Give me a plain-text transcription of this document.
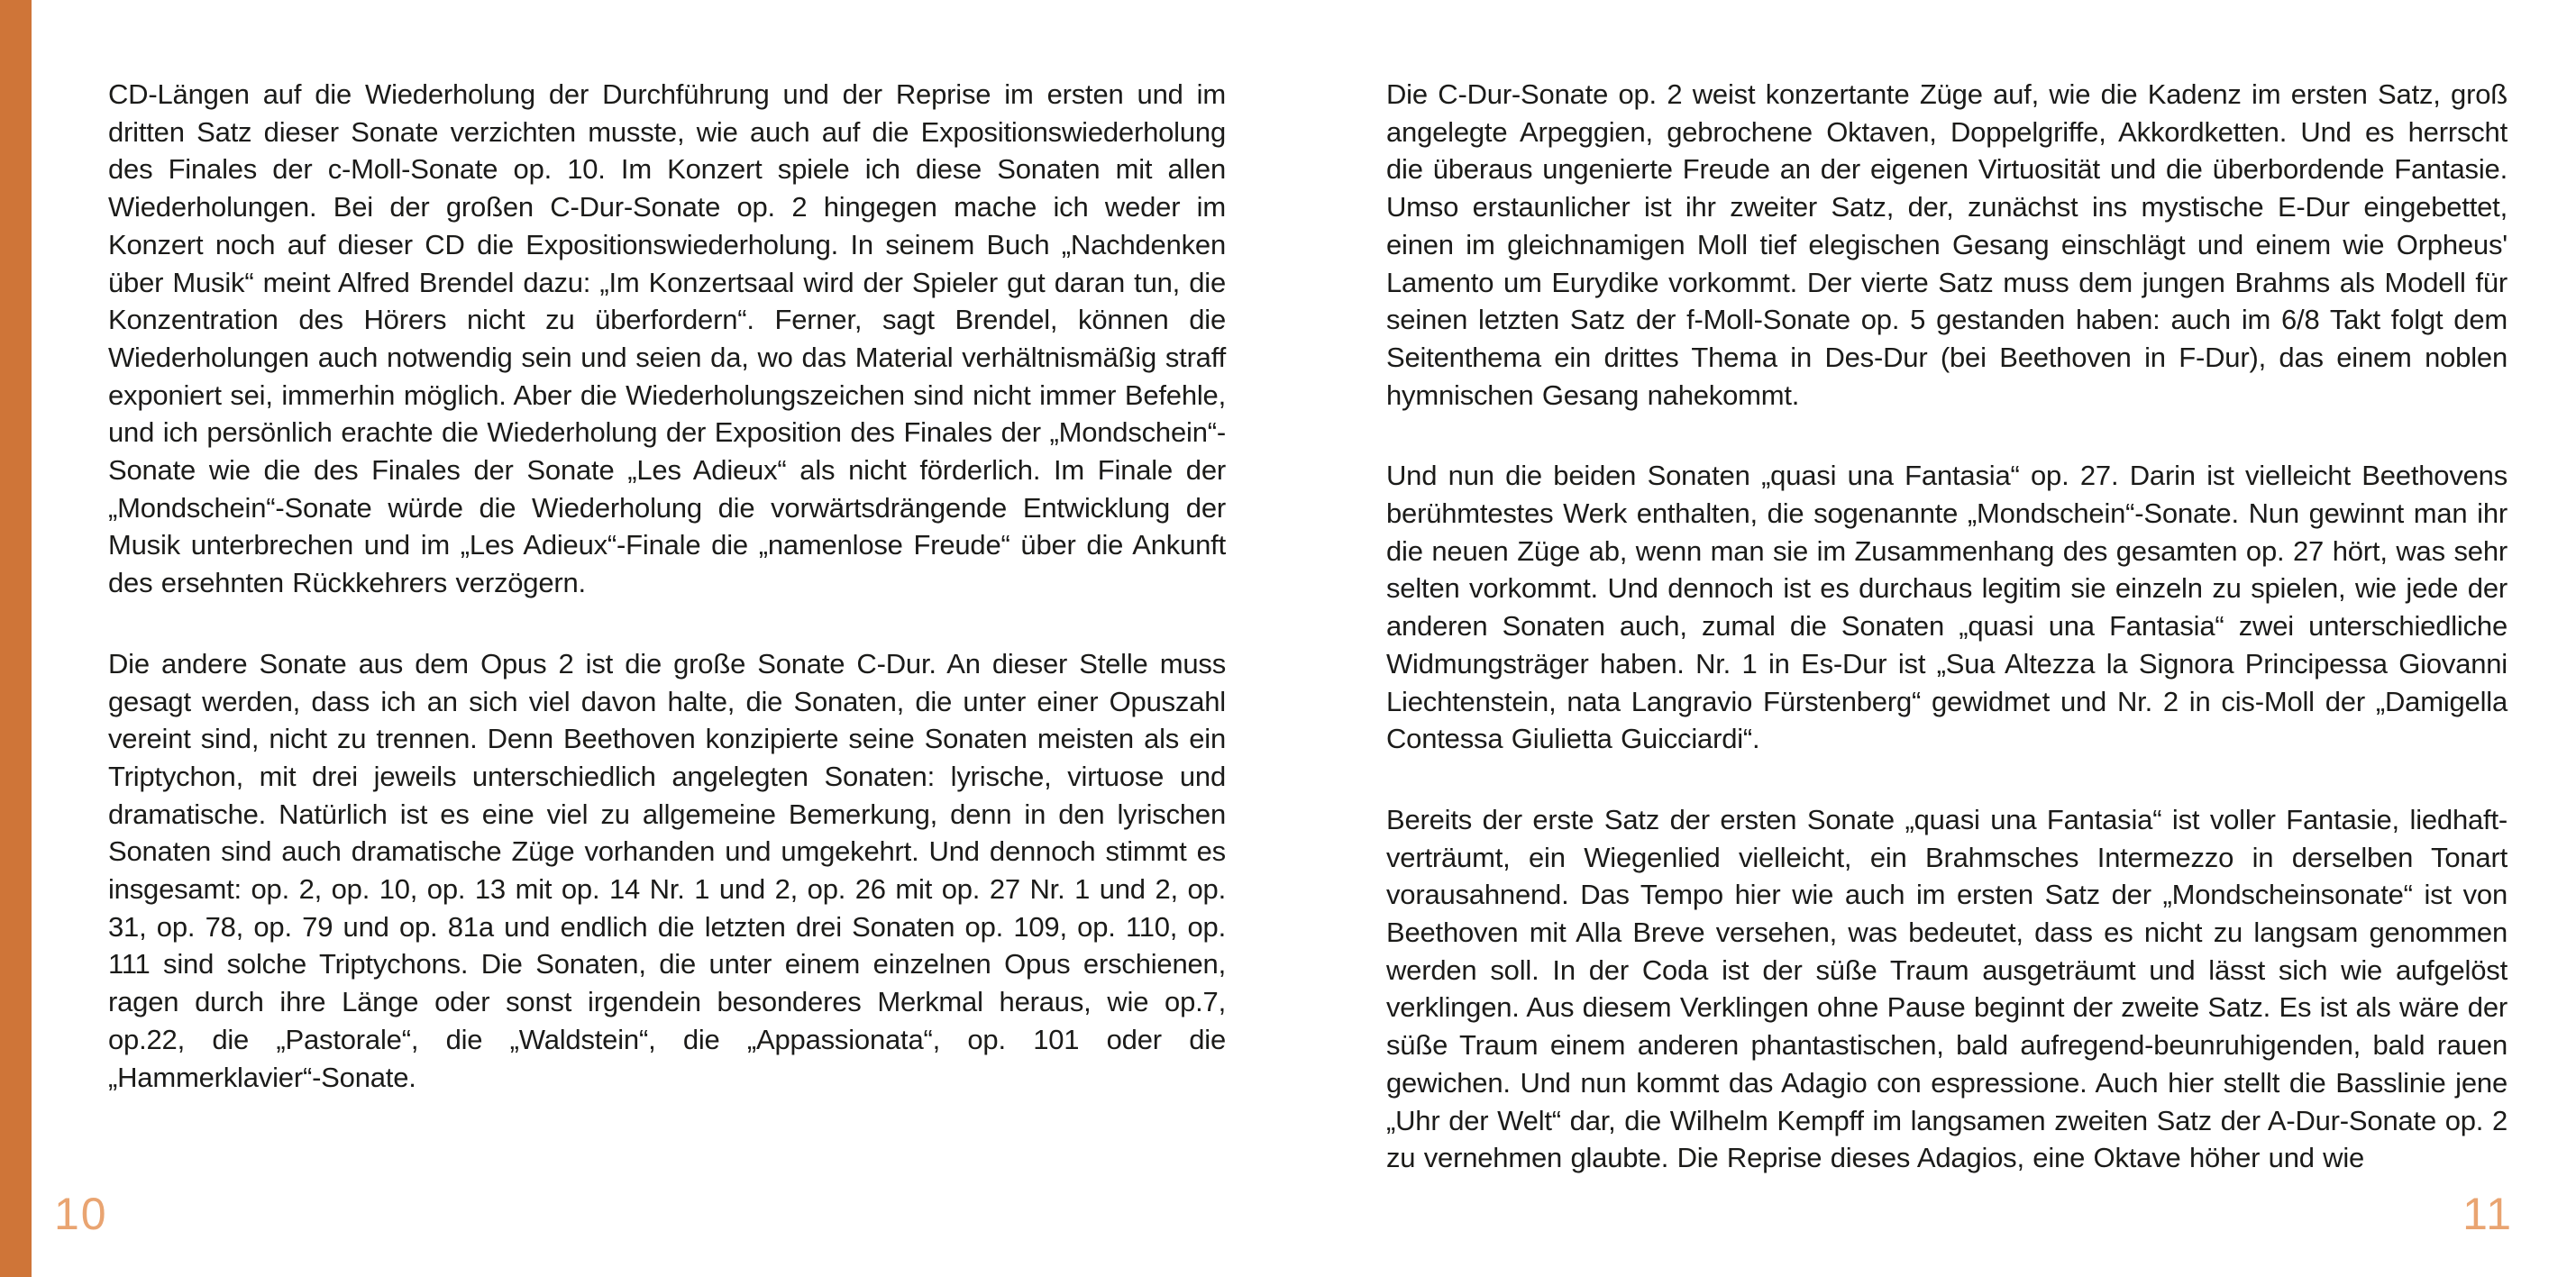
CD-Längen auf die Wiederholung der Durchführung und der Reprise im ersten und im dritten Satz dieser Sonate verzichten musste, wie auch auf die Expositionswiederholung des Finales der c-Moll-Sonate op. 10. Im Konzert spiele ich diese Sonaten mit allen Wiederholungen. Bei der großen C-Dur-Sonate op. 2 hingegen mache ich weder im Konzert noch auf dieser CD die Expositionswiederholung. In seinem Buch „Nachdenken über Musik“ meint Alfred Brendel dazu: „Im Konzertsaal wird der Spieler gut daran tun, die Konzentration des Hörers nicht zu überfordern“. Ferner, sagt Brendel, können die Wiederholungen auch notwendig sein und seien da, wo das Material verhältnismäßig straff exponiert sei, immerhin möglich. Aber die Wiederholungszeichen sind nicht immer Befehle, und ich persönlich erachte die Wiederholung der Exposition des Finales der „Mondschein“-Sonate wie die des Finales der Sonate „Les Adieux“ als nicht förderlich. Im Finale der „Mondschein“-Sonate würde die Wiederholung die vorwärtsdrängende Entwicklung der Musik unterbrechen und im „Les Adieux“-Finale die „namenlose Freude“ über die Ankunft des ersehnten Rückkehrers verzögern.

Die andere Sonate aus dem Opus 2 ist die große Sonate C-Dur. An dieser Stelle muss gesagt werden, dass ich an sich viel davon halte, die Sonaten, die unter einer Opuszahl vereint sind, nicht zu trennen. Denn Beethoven konzipierte seine Sonaten meisten als ein Triptychon, mit drei jeweils unterschiedlich angelegten Sonaten: lyrische, virtuose und dramatische. Natürlich ist es eine viel zu allgemeine Bemerkung, denn in den lyrischen Sonaten sind auch dramatische Züge vorhanden und umgekehrt. Und dennoch stimmt es insgesamt: op. 2, op. 10, op. 13 mit op. 14 Nr. 1 und 2, op. 26 mit op. 27 Nr. 1 und 2, op. 31, op. 78, op. 79 und op. 81a und endlich die letzten drei Sonaten op. 109, op. 110, op. 111 sind solche Triptychons. Die Sonaten, die unter einem einzelnen Opus erschienen, ragen durch ihre Länge oder sonst irgendein besonderes Merkmal heraus, wie op.7, op.22, die „Pastorale“, die „Waldstein“, die „Appassionata“, op. 101 oder die „Hammerklavier“-Sonate.

10

Die C-Dur-Sonate op. 2 weist konzertante Züge auf, wie die Kadenz im ersten Satz, groß angelegte Arpeggien, gebrochene Oktaven, Doppelgriffe, Akkordketten. Und es herrscht die überaus ungenierte Freude an der eigenen Virtuosität und die überbordende Fantasie. Umso erstaunlicher ist ihr zweiter Satz, der, zunächst ins mystische E-Dur eingebettet, einen im gleichnamigen Moll tief elegischen Gesang einschlägt und einem wie Orpheus' Lamento um Eurydike vorkommt. Der vierte Satz muss dem jungen Brahms als Modell für seinen letzten Satz der f-Moll-Sonate op. 5 gestanden haben: auch im 6/8 Takt folgt dem Seitenthema ein drittes Thema in Des-Dur (bei Beethoven in F-Dur), das einem noblen hymnischen Gesang nahekommt.

Und nun die beiden Sonaten „quasi una Fantasia“ op. 27. Darin ist vielleicht Beethovens berühmtestes Werk enthalten, die sogenannte „Mondschein“-Sonate. Nun gewinnt man ihr die neuen Züge ab, wenn man sie im Zusammenhang des gesamten op. 27 hört, was sehr selten vorkommt. Und dennoch ist es durchaus legitim sie einzeln zu spielen, wie jede der anderen Sonaten auch, zumal die Sonaten „quasi una Fantasia“ zwei unterschiedliche Widmungsträger haben. Nr. 1 in Es-Dur ist „Sua Altezza la Signora Principessa Giovanni Liechtenstein, nata Langravio Fürstenberg“ gewidmet und Nr. 2 in cis-Moll der „Damigella Contessa Giulietta Guicciardi“.

Bereits der erste Satz der ersten Sonate „quasi una Fantasia“ ist voller Fantasie, liedhaft-verträumt, ein Wiegenlied vielleicht, ein Brahmsches Intermezzo in derselben Tonart vorausahnend. Das Tempo hier wie auch im ersten Satz der „Mondscheinsonate“ ist von Beethoven mit Alla Breve versehen, was bedeutet, dass es nicht zu langsam genommen werden soll. In der Coda ist der süße Traum ausgeträumt und lässt sich wie aufgelöst verklingen. Aus diesem Verklingen ohne Pause beginnt der zweite Satz. Es ist als wäre der süße Traum einem anderen phantastischen, bald aufregend-beunruhigenden, bald rauen gewichen. Und nun kommt das Adagio con espressione. Auch hier stellt die Basslinie jene „Uhr der Welt“ dar, die Wilhelm Kempff im langsamen zweiten Satz der A-Dur-Sonate op. 2 zu vernehmen glaubte. Die Reprise dieses Adagios, eine Oktave höher und wie

11
